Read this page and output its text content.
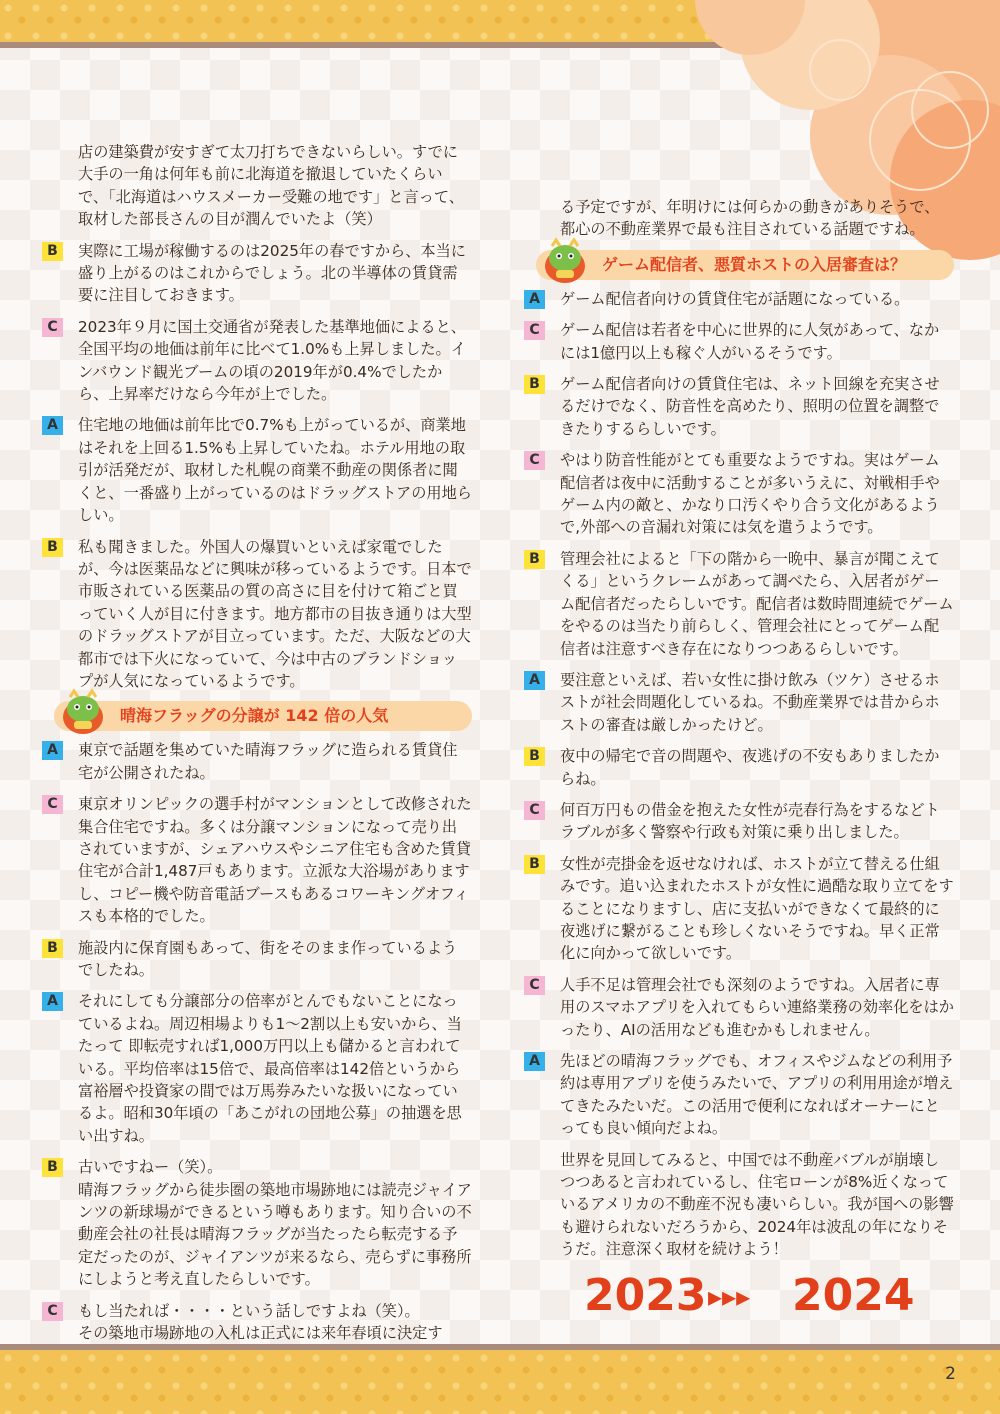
店の建築費が安すぎて太刀打ちできないらしい。すでに大手の一角は何年も前に北海道を撤退していたくらいで、「北海道はハウスメーカー受難の地です」と言って、取材した部長さんの目が潤んでいたよ（笑）
B	実際に工場が稼働するのは2025年の春ですから、本当に盛り上がるのはこれからでしょう。北の半導体の賃貸需要に注目しておきます。
C	2023年９月に国土交通省が発表した基準地価によると、全国平均の地価は前年に比べて1.0%も上昇しました。インバウンド観光ブームの頃の2019年が0.4%でしたから、上昇率だけなら今年が上でした。
A	住宅地の地価は前年比で0.7%も上がっているが、商業地はそれを上回る1.5%も上昇していたね。ホテル用地の取引が活発だが、取材した札幌の商業不動産の関係者に聞くと、一番盛り上がっているのはドラッグストアの用地らしい。
B	私も聞きました。外国人の爆買いといえば家電でしたが、今は医薬品などに興味が移っているようです。日本で市販されている医薬品の質の高さに目を付けて箱ごと買っていく人が目に付きます。地方都市の目抜き通りは大型のドラッグストアが目立っています。ただ、大阪などの大都市では下火になっていて、今は中古のブランドショップが人気になっているようです。
晴海フラッグの分譲が 142 倍の人気
A	東京で話題を集めていた晴海フラッグに造られる賃貸住宅が公開されたね。
C	東京オリンピックの選手村がマンションとして改修された集合住宅ですね。多くは分譲マンションになって売り出されていますが、シェアハウスやシニア住宅も含めた賃貸住宅が合計1,487戸もあります。立派な大浴場がありますし、コピー機や防音電話ブースもあるコワーキングオフィスも本格的でした。
B	施設内に保育園もあって、街をそのまま作っているようでしたね。
A	それにしても分譲部分の倍率がとんでもないことになっているよね。周辺相場よりも1～2割以上も安いから、当たって 即転売すれば1,000万円以上も儲かると言われている。平均倍率は15倍で、最高倍率は142倍というから富裕層や投資家の間では万馬券みたいな扱いになっているよ。昭和30年頃の「あこがれの団地公募」の抽選を思い出すね。
B	古いですねー（笑）。
晴海フラッグから徒歩圏の築地市場跡地には読売ジャイアンツの新球場ができるという噂もあります。知り合いの不動産会社の社長は晴海フラッグが当たったら転売する予定だったのが、ジャイアンツが来るなら、売らずに事務所にしようと考え直したらしいです。
C	もし当たれば・・・・という話しですよね（笑）。
その築地市場跡地の入札は正式には来年春頃に決定す
る予定ですが、年明けには何らかの動きがありそうで、都心の不動産業界で最も注目されている話題ですね。
ゲーム配信者、悪質ホストの入居審査は？
A	ゲーム配信者向けの賃貸住宅が話題になっている。
C	ゲーム配信は若者を中心に世界的に人気があって、なかには1億円以上も稼ぐ人がいるそうです。
B	ゲーム配信者向けの賃貸住宅は、ネット回線を充実させるだけでなく、防音性を高めたり、照明の位置を調整できたりするらしいです。
C	やはり防音性能がとても重要なようですね。実はゲーム配信者は夜中に活動することが多いうえに、対戦相手やゲーム内の敵と、かなり口汚くやり合う文化があるようで,外部への音漏れ対策には気を遣うようです。
B	管理会社によると「下の階から一晩中、暴言が聞こえてくる」というクレームがあって調べたら、入居者がゲーム配信者だったらしいです。配信者は数時間連続でゲームをやるのは当たり前らしく、管理会社にとってゲーム配信者は注意すべき存在になりつつあるらしいです。
A	要注意といえば、若い女性に掛け飲み（ツケ）させるホストが社会問題化しているね。不動産業界では昔からホストの審査は厳しかったけど。
B	夜中の帰宅で音の問題や、夜逃げの不安もありましたからね。
C	何百万円もの借金を抱えた女性が売春行為をするなどトラブルが多く警察や行政も対策に乗り出しました。
B	女性が売掛金を返せなければ、ホストが立て替える仕組みです。追い込まれたホストが女性に過酷な取り立てをすることになりますし、店に支払いができなくて最終的に夜逃げに繋がることも珍しくないそうですね。早く正常化に向かって欲しいです。
C	人手不足は管理会社でも深刻のようですね。入居者に専用のスマホアプリを入れてもらい連絡業務の効率化をはかったり、AIの活用なども進むかもしれません。
A	先ほどの晴海フラッグでも、オフィスやジムなどの利用予約は専用アプリを使うみたいで、アプリの利用用途が増えてきたみたいだ。この活用で便利になればオーナーにとっても良い傾向だよね。
世界を見回してみると、中国では不動産バブルが崩壊しつつあると言われているし、住宅ローンが8%近くなっているアメリカの不動産不況も凄いらしい。我が国への影響も避けられないだろうから、2024年は波乱の年になりそうだ。注意深く取材を続けよう！
2023 ▸▸▸ 2024
2
